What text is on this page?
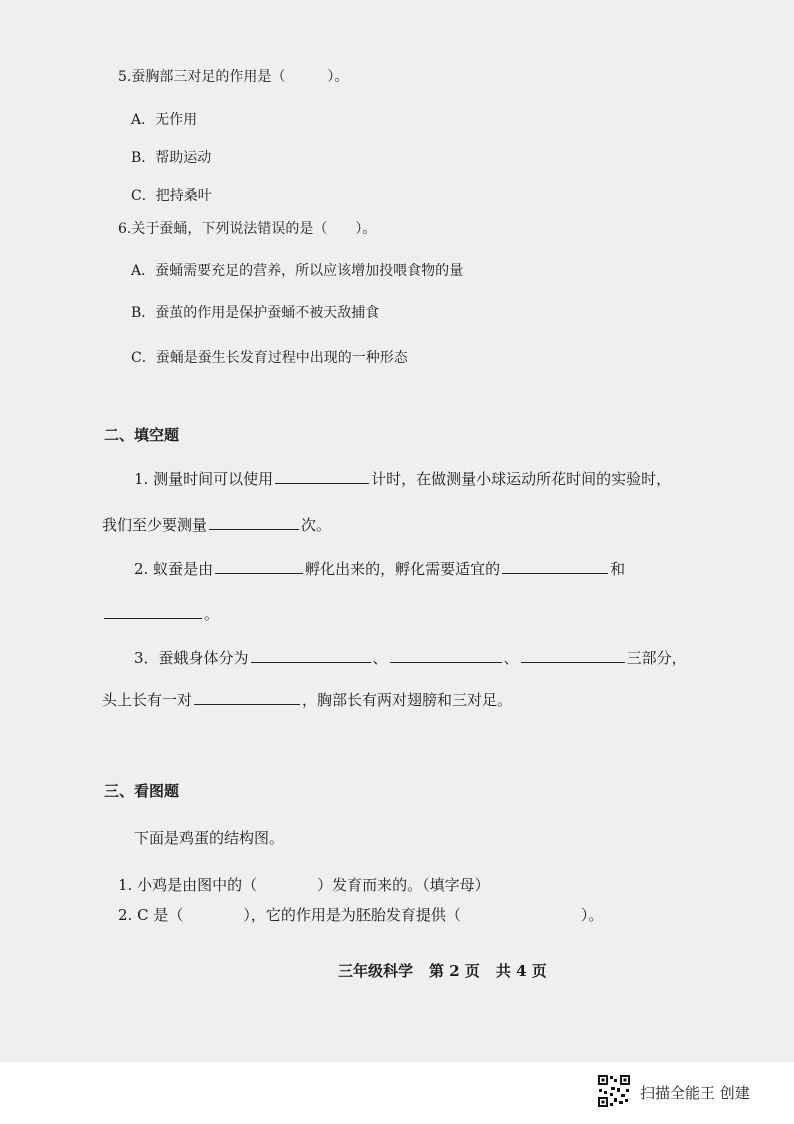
5.蚕胸部三对足的作用是（　　　）。
A．无作用
B．帮助运动
C．把持桑叶
6.关于蚕蛹，下列说法错误的是（　　）。
A．蚕蛹需要充足的营养，所以应该增加投喂食物的量
B．蚕茧的作用是保护蚕蛹不被天敌捕食
C．蚕蛹是蚕生长发育过程中出现的一种形态
二、填空题
1. 测量时间可以使用	计时，在做测量小球运动所花时间的实验时，
我们至少要测量	次。
2. 蚁蚕是由	孵化出来的，孵化需要适宜的	和
。
3．蚕蛾身体分为	、	、	三部分，
头上长有一对	，胸部长有两对翅膀和三对足。
三、看图题
下面是鸡蛋的结构图。
1. 小鸡是由图中的（　　　　）发育而来的。（填字母）
2. C 是（　　　　），它的作用是为胚胎发育提供（　　　　　　　　）。
三年级科学 第 2 页 共 4 页
扫描全能王 创建
